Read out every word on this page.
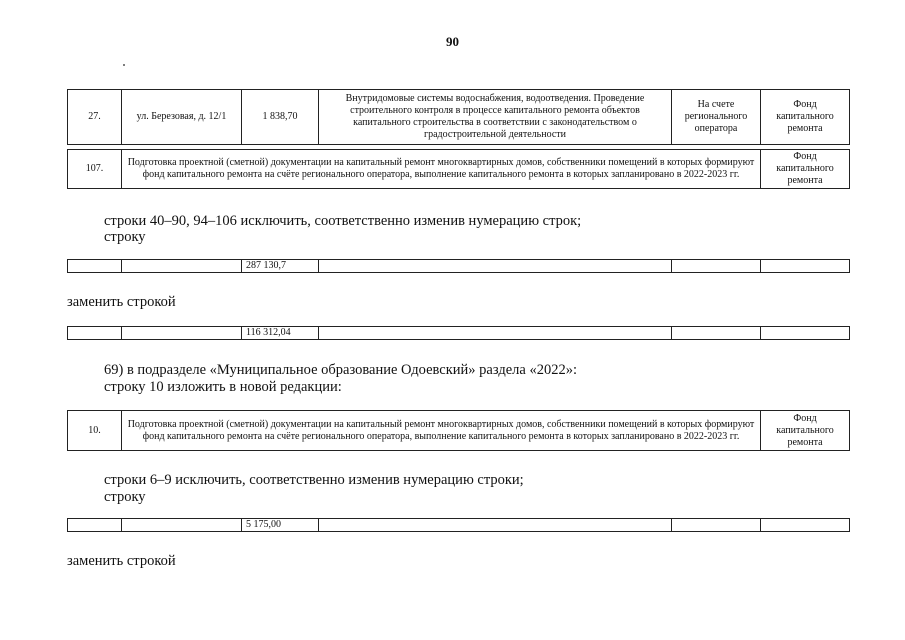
90
27.	ул. Березовая, д. 12/1	1 838,70	Внутридомовые системы водоснабжения, водоотведения. Проведение строительного контроля в процессе капитального ремонта объектов капитального строительства в соответствии с законодательством о градостроительной деятельности	На счете регионального оператора	Фонд капитального ремонта
107.	Подготовка проектной (сметной) документации на капитальный ремонт многоквартирных домов, собственники помещений в которых формируют фонд капитального ремонта на счёте регионального оператора, выполнение капитального ремонта в которых запланировано в 2022-2023 гг.	Фонд капитального ремонта
строки 40–90, 94–106 исключить, соответственно изменив нумерацию строк;
строку
		287 130,7			
заменить строкой
		116 312,04			
69) в подразделе «Муниципальное образование Одоевский» раздела «2022»:
строку 10 изложить в новой редакции:
10.	Подготовка проектной (сметной) документации на капитальный ремонт многоквартирных домов, собственники помещений в которых формируют фонд капитального ремонта на счёте регионального оператора, выполнение капитального ремонта в которых запланировано в 2022-2023 гг.	Фонд капитального ремонта
строки 6–9 исключить, соответственно изменив нумерацию строки;
строку
		5 175,00			
заменить строкой
